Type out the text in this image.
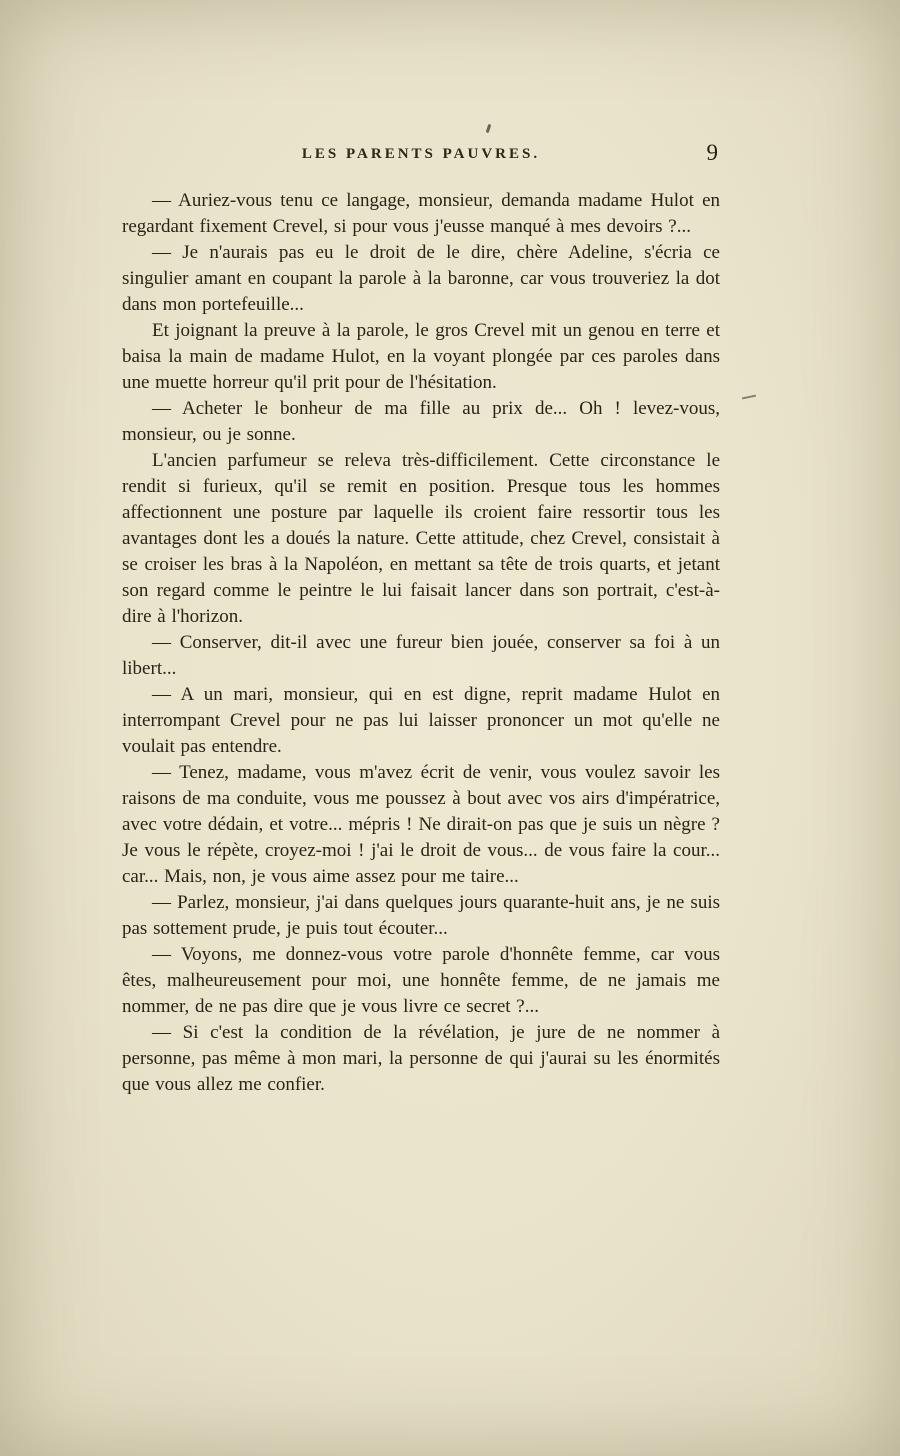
LES PARENTS PAUVRES.	9

— Auriez-vous tenu ce langage, monsieur, demanda madame Hulot en regardant fixement Crevel, si pour vous j'eusse manqué à mes devoirs ?...

— Je n'aurais pas eu le droit de le dire, chère Adeline, s'écria ce singulier amant en coupant la parole à la baronne, car vous trouveriez la dot dans mon portefeuille...

Et joignant la preuve à la parole, le gros Crevel mit un genou en terre et baisa la main de madame Hulot, en la voyant plongée par ces paroles dans une muette horreur qu'il prit pour de l'hésitation.

— Acheter le bonheur de ma fille au prix de... Oh ! levez-vous, monsieur, ou je sonne.

L'ancien parfumeur se releva très-difficilement. Cette circonstance le rendit si furieux, qu'il se remit en position. Presque tous les hommes affectionnent une posture par laquelle ils croient faire ressortir tous les avantages dont les a doués la nature. Cette attitude, chez Crevel, consistait à se croiser les bras à la Napoléon, en mettant sa tête de trois quarts, et jetant son regard comme le peintre le lui faisait lancer dans son portrait, c'est-à-dire à l'horizon.

— Conserver, dit-il avec une fureur bien jouée, conserver sa foi à un libert...

— A un mari, monsieur, qui en est digne, reprit madame Hulot en interrompant Crevel pour ne pas lui laisser prononcer un mot qu'elle ne voulait pas entendre.

— Tenez, madame, vous m'avez écrit de venir, vous voulez savoir les raisons de ma conduite, vous me poussez à bout avec vos airs d'impératrice, avec votre dédain, et votre... mépris ! Ne dirait-on pas que je suis un nègre ? Je vous le répète, croyez-moi ! j'ai le droit de vous... de vous faire la cour... car... Mais, non, je vous aime assez pour me taire...

— Parlez, monsieur, j'ai dans quelques jours quarante-huit ans, je ne suis pas sottement prude, je puis tout écouter...

— Voyons, me donnez-vous votre parole d'honnête femme, car vous êtes, malheureusement pour moi, une honnête femme, de ne jamais me nommer, de ne pas dire que je vous livre ce secret ?...

— Si c'est la condition de la révélation, je jure de ne nommer à personne, pas même à mon mari, la personne de qui j'aurai su les énormités que vous allez me confier.
